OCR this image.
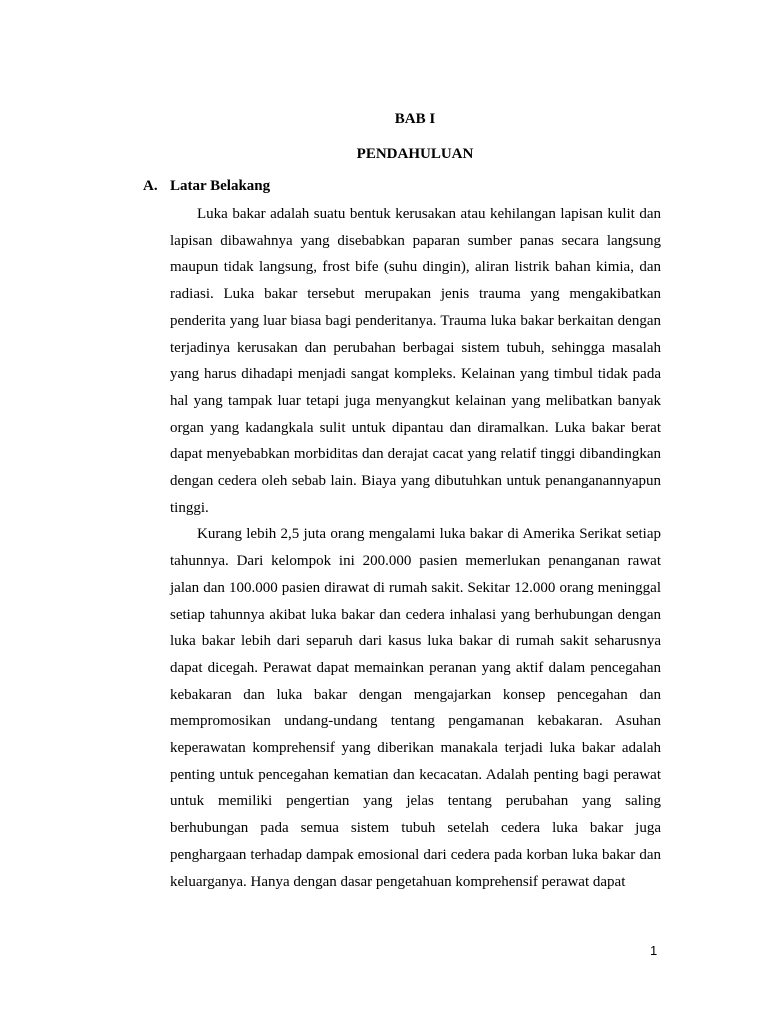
BAB I
PENDAHULUAN
A. Latar Belakang

Luka bakar adalah suatu bentuk kerusakan atau kehilangan lapisan kulit dan lapisan dibawahnya yang disebabkan paparan sumber panas secara langsung maupun tidak langsung, frost bife (suhu dingin), aliran listrik bahan kimia, dan radiasi. Luka bakar tersebut merupakan jenis trauma yang mengakibatkan penderita yang luar biasa bagi penderitanya. Trauma luka bakar berkaitan dengan terjadinya kerusakan dan perubahan berbagai sistem tubuh, sehingga masalah yang harus dihadapi menjadi sangat kompleks. Kelainan yang timbul tidak pada hal yang tampak luar tetapi juga menyangkut kelainan yang melibatkan banyak organ yang kadangkala sulit untuk dipantau dan diramalkan. Luka bakar berat dapat menyebabkan morbiditas dan derajat cacat yang relatif tinggi dibandingkan dengan cedera oleh sebab lain. Biaya yang dibutuhkan untuk penanganannyapun tinggi.

Kurang lebih 2,5 juta orang mengalami luka bakar di Amerika Serikat setiap tahunnya. Dari kelompok ini 200.000 pasien memerlukan penanganan rawat jalan dan 100.000 pasien dirawat di rumah sakit. Sekitar 12.000 orang meninggal setiap tahunnya akibat luka bakar dan cedera inhalasi yang berhubungan dengan luka bakar lebih dari separuh dari kasus luka bakar di rumah sakit seharusnya dapat dicegah. Perawat dapat memainkan peranan yang aktif dalam pencegahan kebakaran dan luka bakar dengan mengajarkan konsep pencegahan dan mempromosikan undang-undang tentang pengamanan kebakaran. Asuhan keperawatan komprehensif yang diberikan manakala terjadi luka bakar adalah penting untuk pencegahan kematian dan kecacatan. Adalah penting bagi perawat untuk memiliki pengertian yang jelas tentang perubahan yang saling berhubungan pada semua sistem tubuh setelah cedera luka bakar juga penghargaan terhadap dampak emosional dari cedera pada korban luka bakar dan keluarganya. Hanya dengan dasar pengetahuan komprehensif perawat dapat

1
